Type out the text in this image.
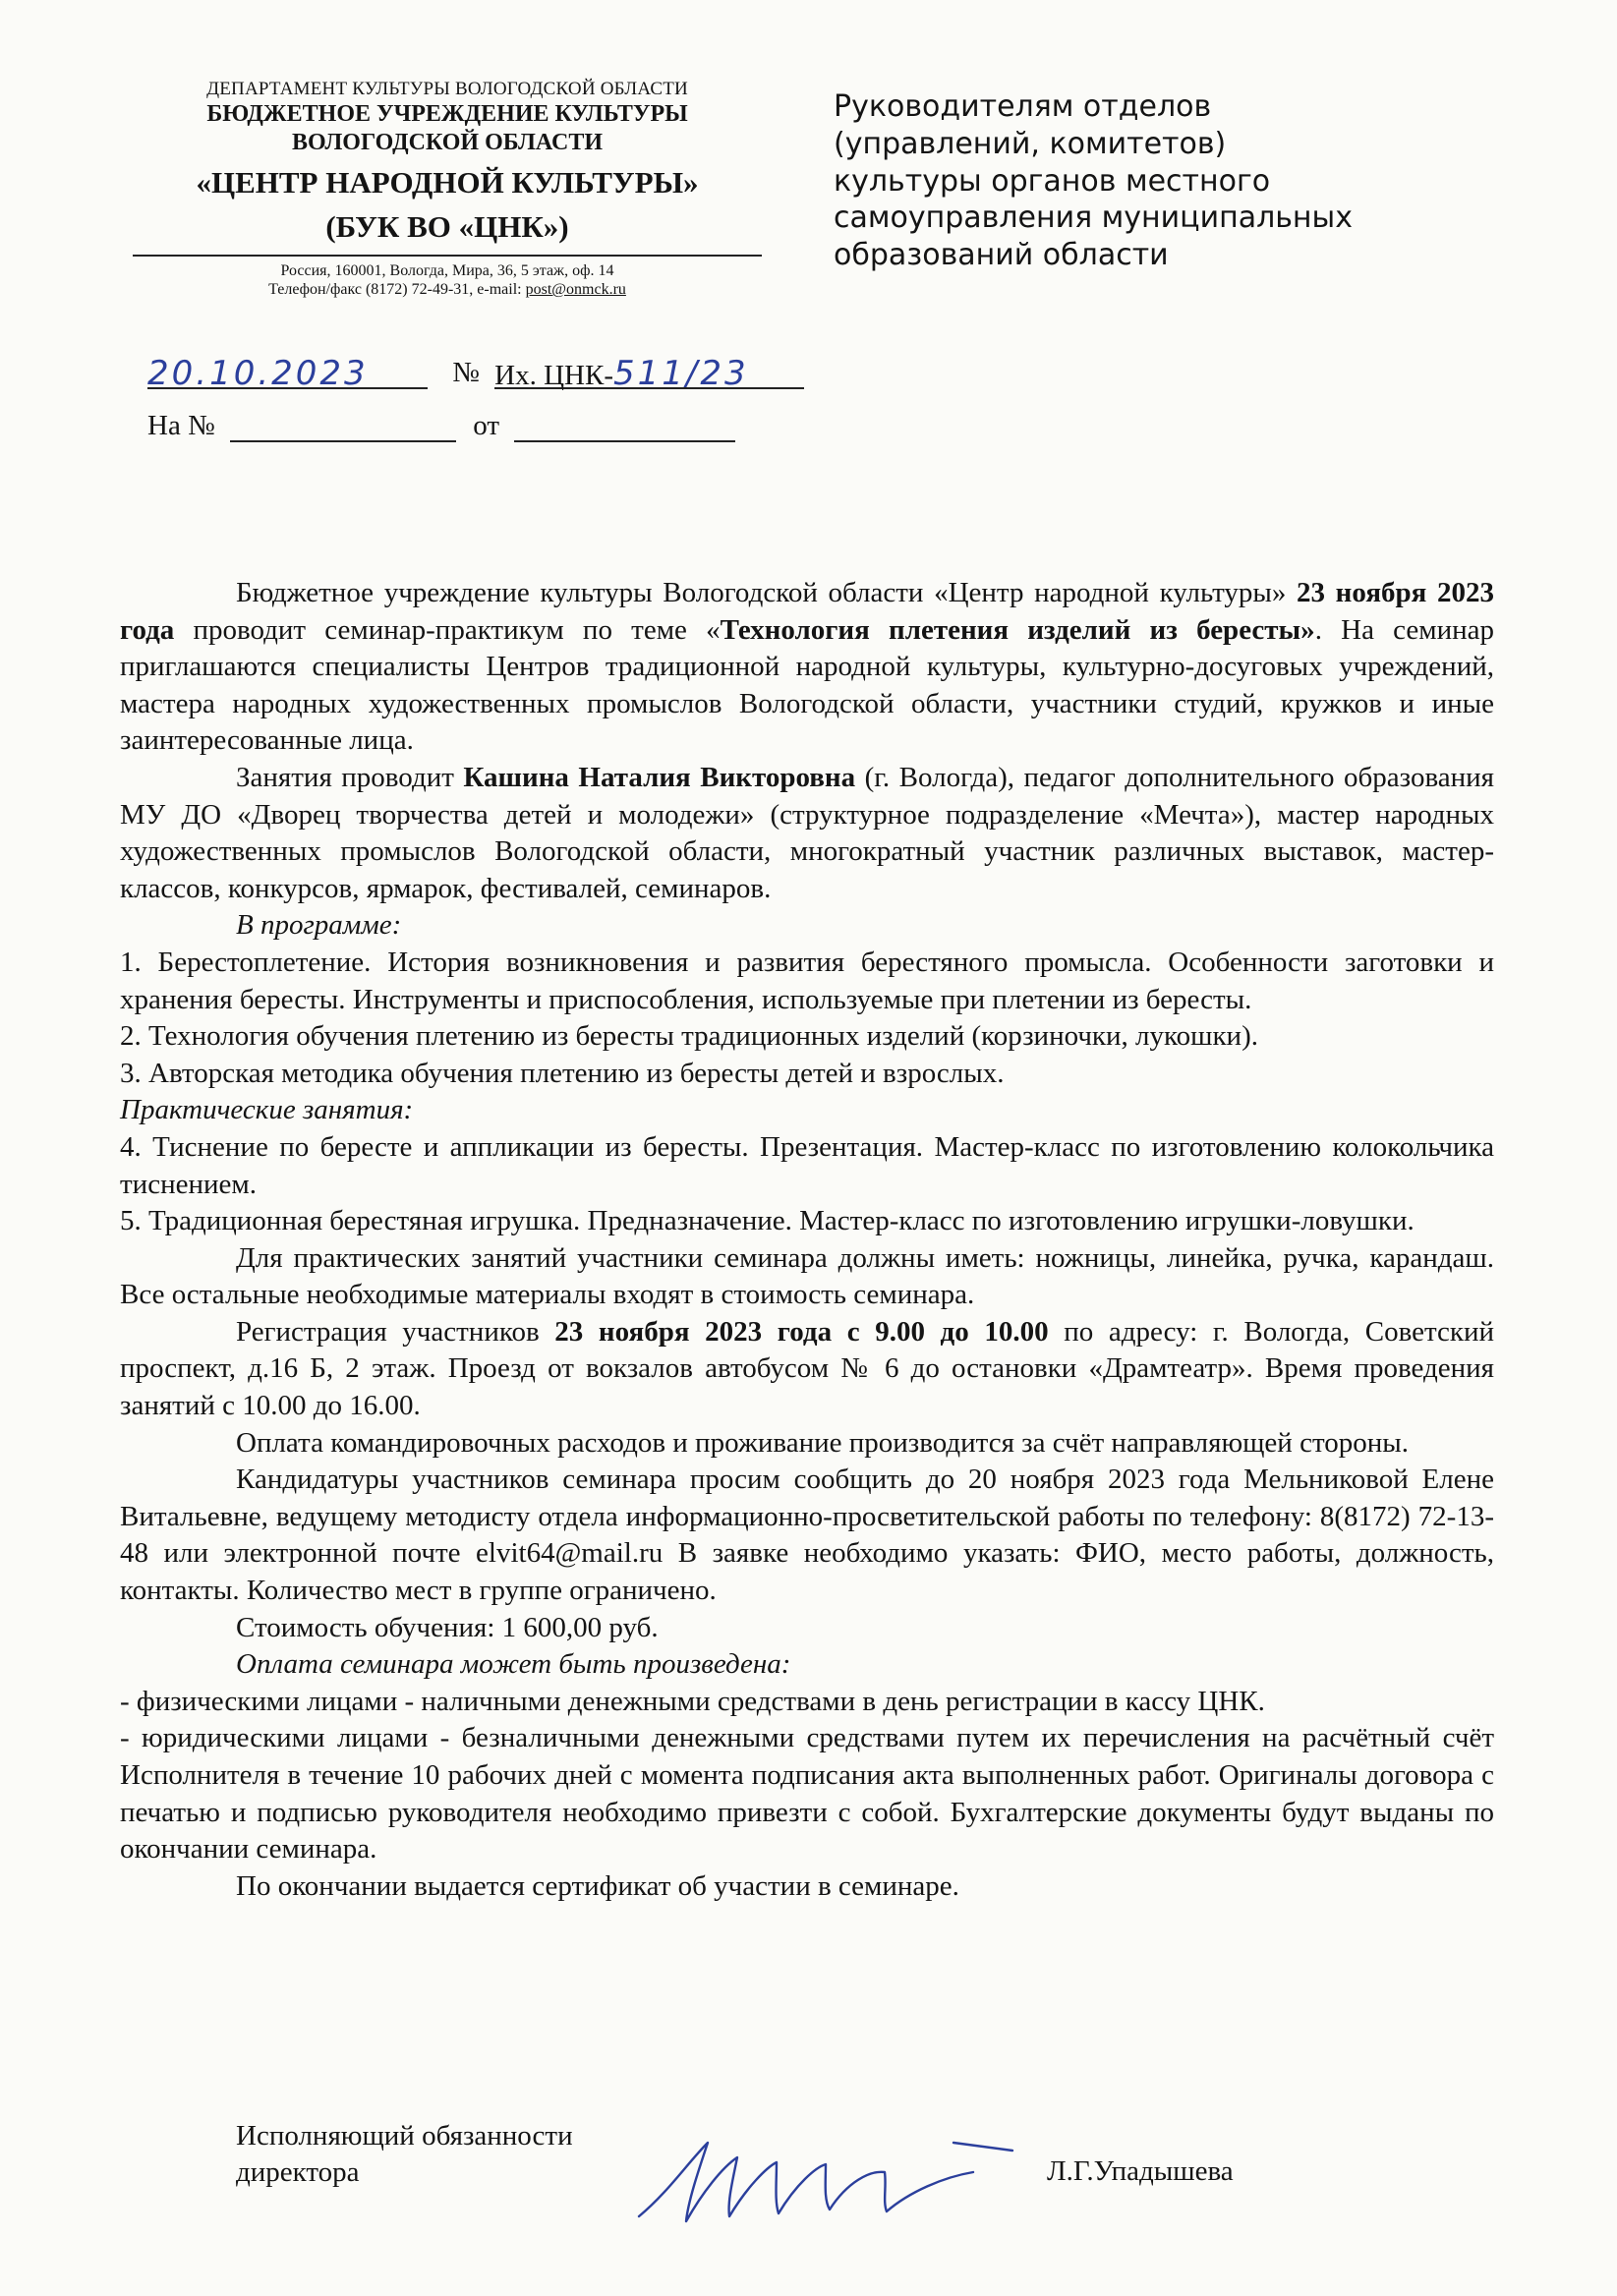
ДЕПАРТАМЕНТ КУЛЬТУРЫ ВОЛОГОДСКОЙ ОБЛАСТИ
БЮДЖЕТНОЕ УЧРЕЖДЕНИЕ КУЛЬТУРЫ
ВОЛОГОДСКОЙ ОБЛАСТИ
«ЦЕНТР НАРОДНОЙ КУЛЬТУРЫ»
(БУК ВО «ЦНК»)
Россия, 160001, Вологда, Мира, 36, 5 этаж, оф. 14
Телефон/факс (8172) 72-49-31, e-mail: post@onmck.ru
Руководителям отделов
(управлений, комитетов)
культуры органов местного
самоуправления муниципальных
образований области
20.10.2023	№ Их. ЦНК-511/23
На №	от

Бюджетное учреждение культуры Вологодской области «Центр народной культуры» 23 ноября 2023 года проводит семинар-практикум по теме «Технология плетения изделий из бересты». На семинар приглашаются специалисты Центров традиционной народной культуры, культурно-досуговых учреждений, мастера народных художественных промыслов Вологодской области, участники студий, кружков и иные заинтересованные лица.

Занятия проводит Кашина Наталия Викторовна (г. Вологда), педагог дополнительного образования МУ ДО «Дворец творчества детей и молодежи» (структурное подразделение «Мечта»), мастер народных художественных промыслов Вологодской области, многократный участник различных выставок, мастер-классов, конкурсов, ярмарок, фестивалей, семинаров.

В программе:

1. Берестоплетение. История возникновения и развития берестяного промысла. Особенности заготовки и хранения бересты. Инструменты и приспособления, используемые при плетении из бересты.

2. Технология обучения плетению из бересты традиционных изделий (корзиночки, лукошки).

3. Авторская методика обучения плетению из бересты детей и взрослых.

Практические занятия:

4. Тиснение по бересте и аппликации из бересты. Презентация. Мастер-класс по изготовлению колокольчика тиснением.

5. Традиционная берестяная игрушка. Предназначение. Мастер-класс по изготовлению игрушки-ловушки.

Для практических занятий участники семинара должны иметь: ножницы, линейка, ручка, карандаш. Все остальные необходимые материалы входят в стоимость семинара.

Регистрация участников 23 ноября 2023 года с 9.00 до 10.00 по адресу: г. Вологда, Советский проспект, д.16 Б, 2 этаж. Проезд от вокзалов автобусом № 6 до остановки «Драмтеатр». Время проведения занятий с 10.00 до 16.00.

Оплата командировочных расходов и проживание производится за счёт направляющей стороны.

Кандидатуры участников семинара просим сообщить до 20 ноября 2023 года Мельниковой Елене Витальевне, ведущему методисту отдела информационно-просветительской работы по телефону: 8(8172) 72-13-48 или электронной почте elvit64@mail.ru В заявке необходимо указать: ФИО, место работы, должность, контакты. Количество мест в группе ограничено.

Стоимость обучения: 1 600,00 руб.

Оплата семинара может быть произведена:

- физическими лицами - наличными денежными средствами в день регистрации в кассу ЦНК.

- юридическими лицами - безналичными денежными средствами путем их перечисления на расчётный счёт Исполнителя в течение 10 рабочих дней с момента подписания акта выполненных работ. Оригиналы договора с печатью и подписью руководителя необходимо привезти с собой. Бухгалтерские документы будут выданы по окончании семинара.

По окончании выдается сертификат об участии в семинаре.

Исполняющий обязанности
директора	Л.Г.Упадышева
